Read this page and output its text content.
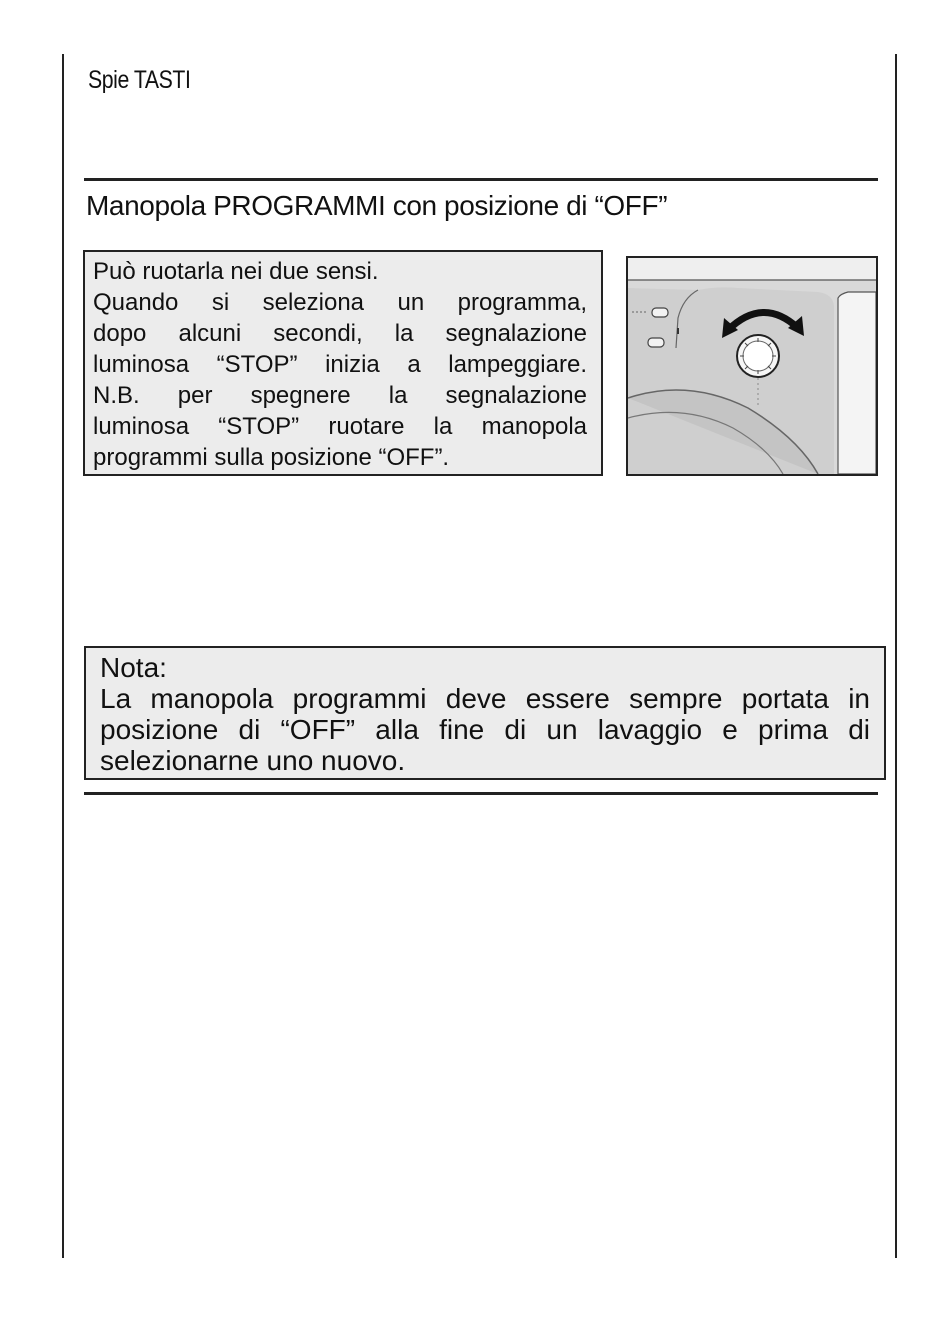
Spie TASTI
Manopola PROGRAMMI con posizione di “OFF”
Può ruotarla nei due sensi.
Quando si seleziona un programma,
dopo alcuni secondi, la segnalazione
luminosa “STOP” inizia a lampeggiare.
N.B. per spegnere la segnalazione
luminosa “STOP” ruotare la manopola
programmi sulla posizione “OFF”.
Nota:
La manopola programmi deve essere sempre portata in
posizione di “OFF” alla fine di un lavaggio e prima di
selezionarne uno nuovo.
